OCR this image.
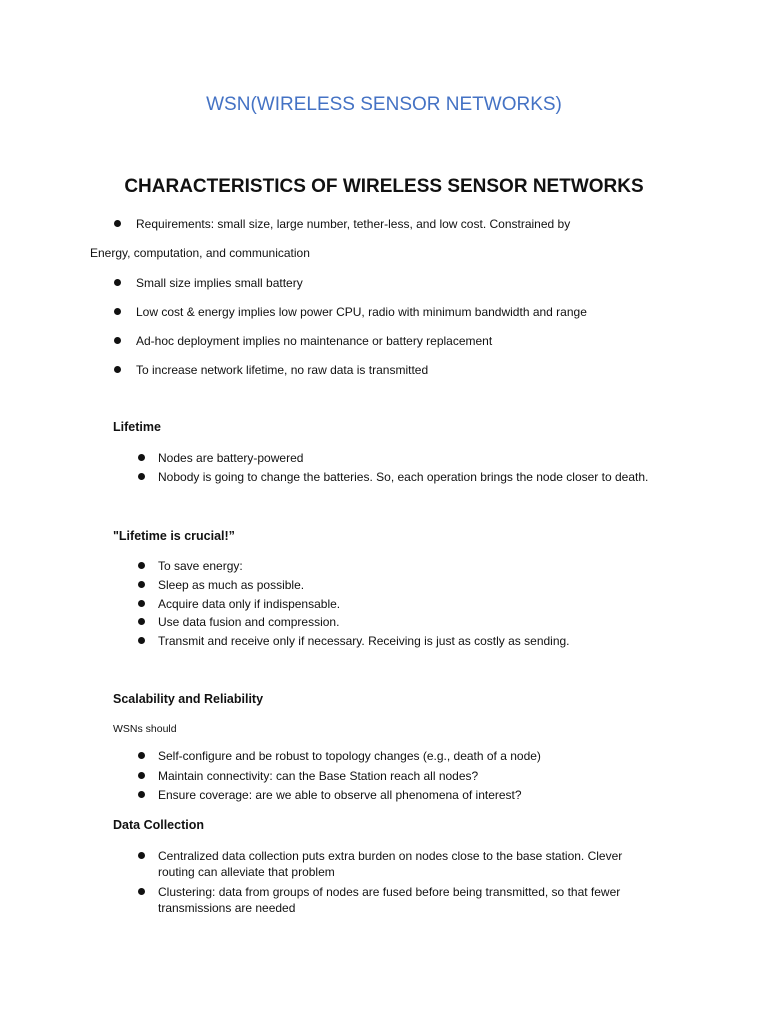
WSN(WIRELESS SENSOR NETWORKS)
CHARACTERISTICS OF WIRELESS SENSOR NETWORKS
Requirements: small size, large number, tether-less, and low cost. Constrained by
Energy, computation, and communication
Small size implies small battery
Low cost & energy implies low power CPU, radio with minimum bandwidth and range
Ad-hoc deployment implies no maintenance or battery replacement
To increase network lifetime, no raw data is transmitted
Lifetime
Nodes are battery-powered
Nobody is going to change the batteries. So, each operation brings the node closer to death.
"Lifetime is crucial!”
To save energy:
Sleep as much as possible.
Acquire data only if indispensable.
Use data fusion and compression.
Transmit and receive only if necessary. Receiving is just as costly as sending.
Scalability and Reliability
WSNs should
Self-configure and be robust to topology changes (e.g., death of a node)
Maintain connectivity: can the Base Station reach all nodes?
Ensure coverage: are we able to observe all phenomena of interest?
Data Collection
Centralized data collection puts extra burden on nodes close to the base station. Clever routing can alleviate that problem
Clustering: data from groups of nodes are fused before being transmitted, so that fewer transmissions are needed
